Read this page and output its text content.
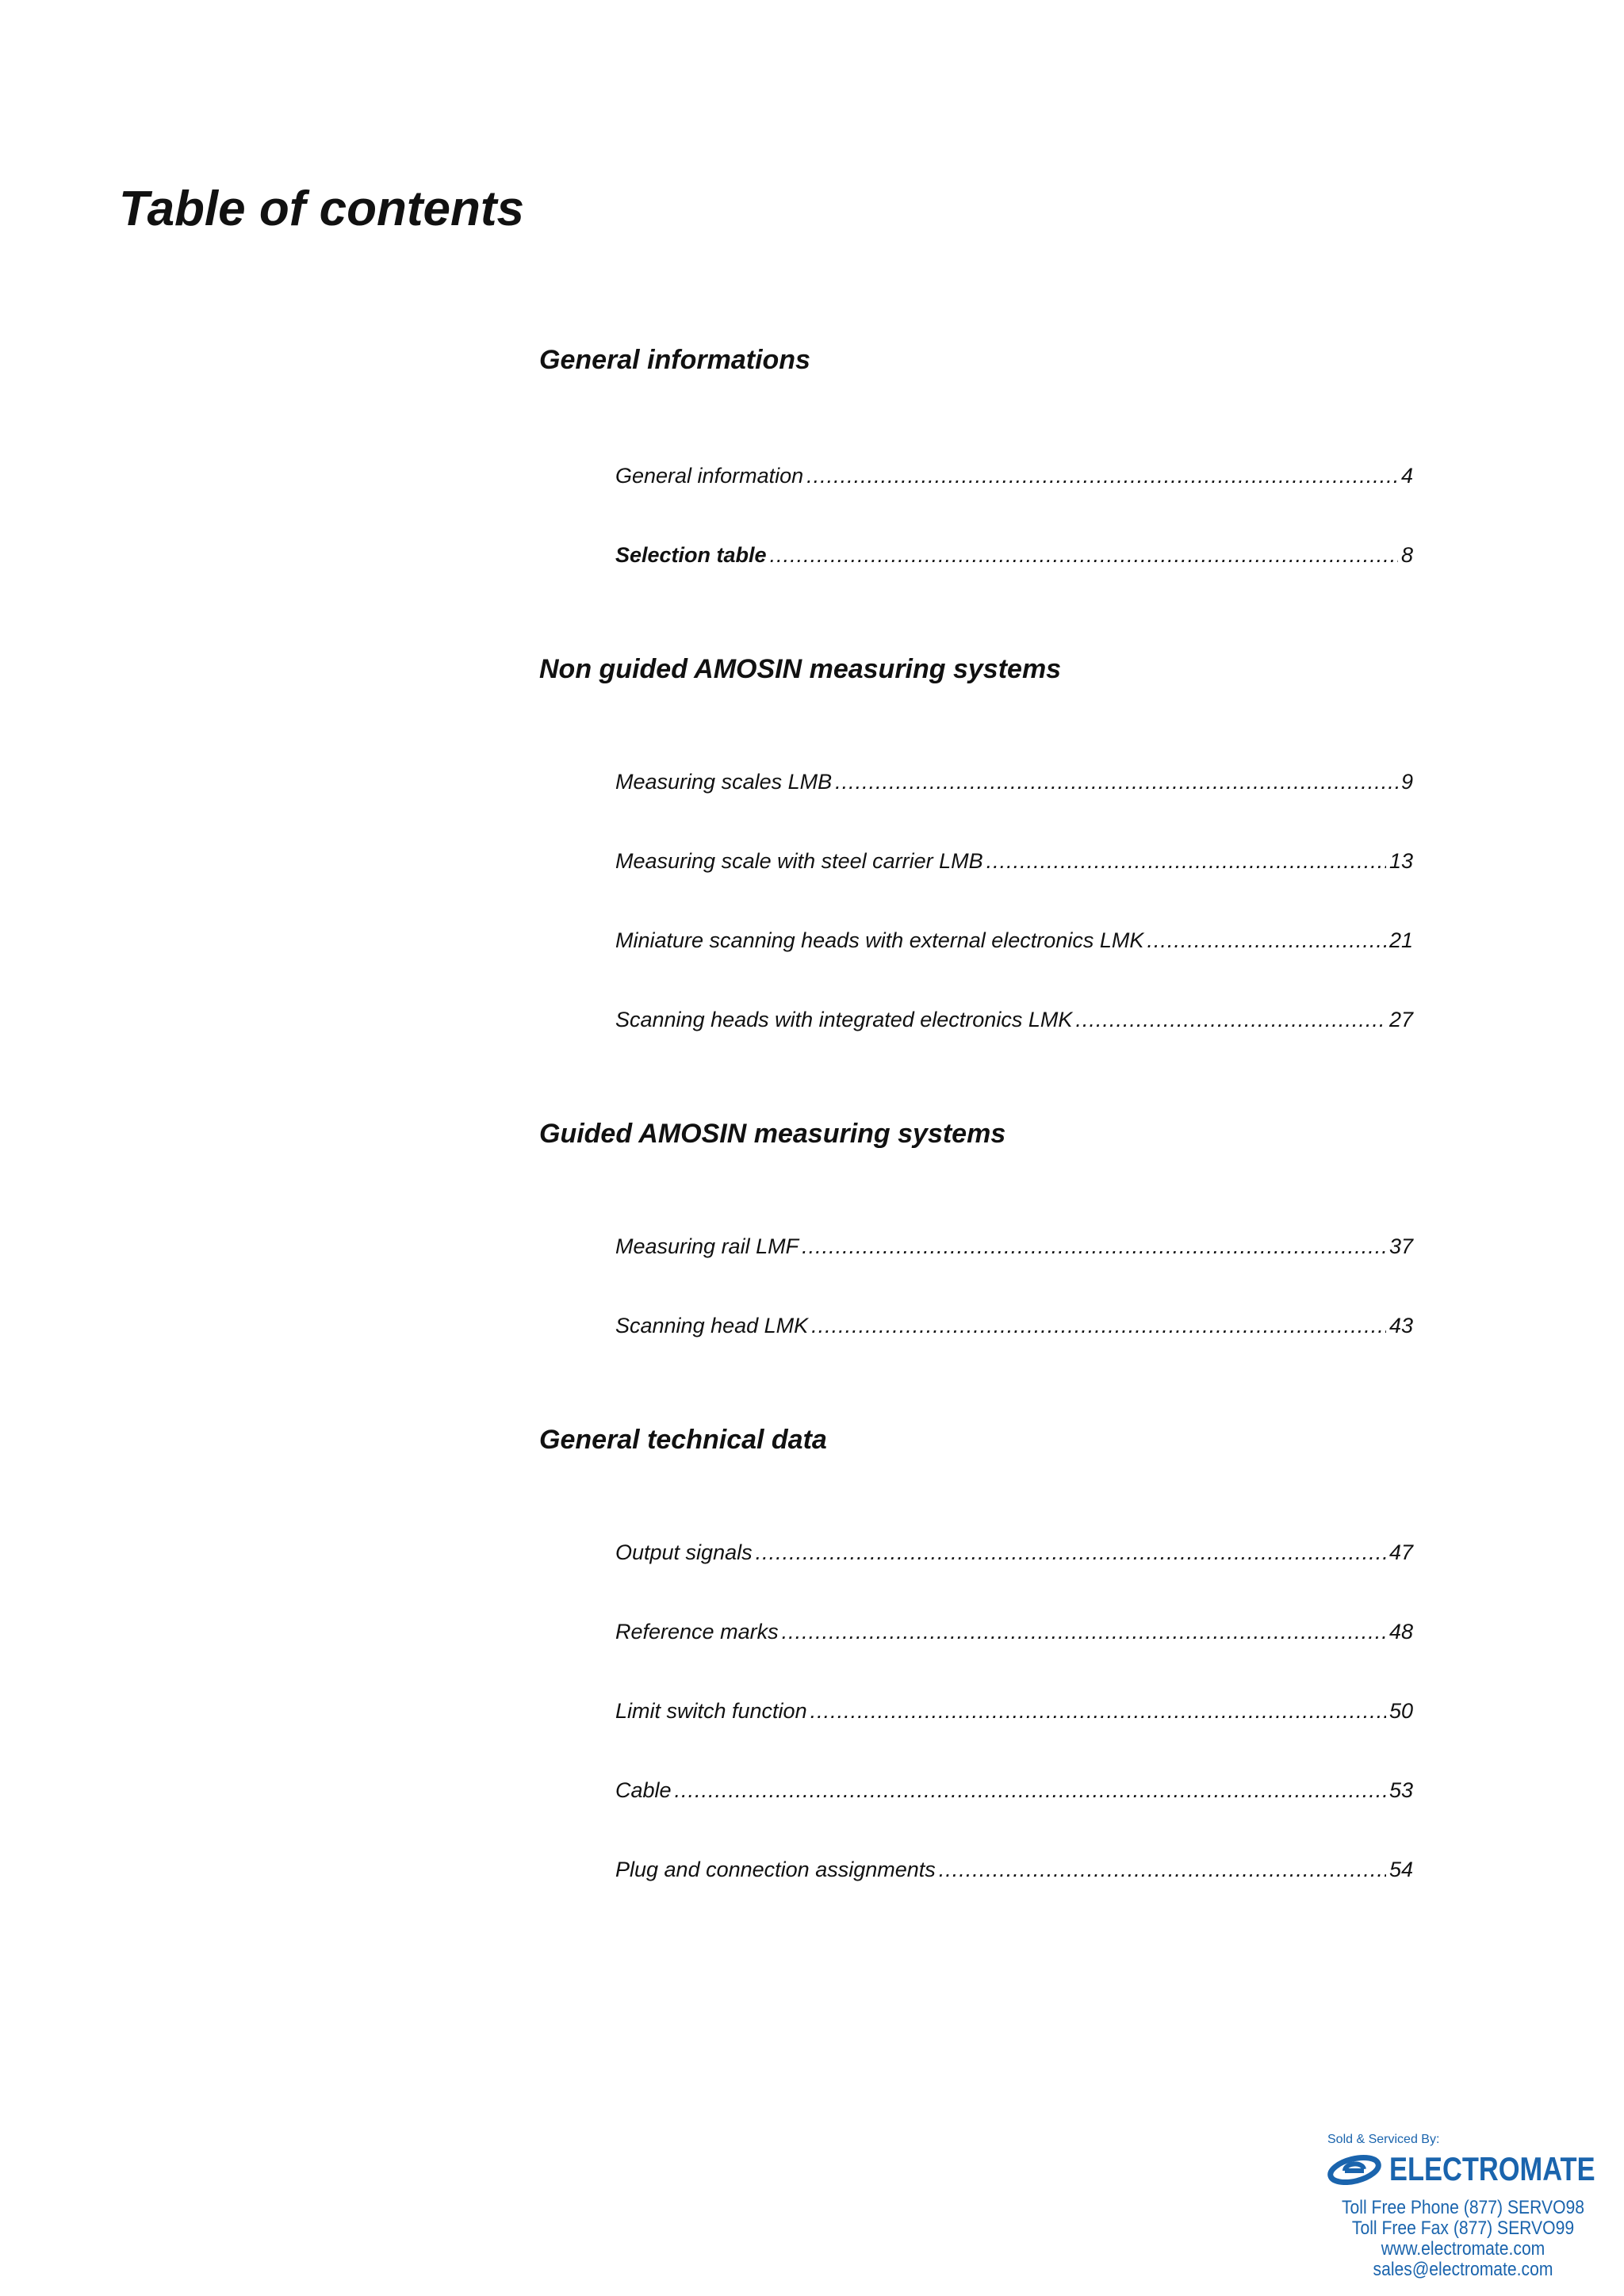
Table of contents
General informations
General information .....	4
Selection table .....	8
Non guided AMOSIN measuring systems
Measuring scales LMB .....	9
Measuring scale with steel carrier LMB .....	13
Miniature scanning heads with external electronics LMK .....	21
Scanning heads with integrated electronics LMK .....	27
Guided AMOSIN measuring systems
Measuring rail LMF .....	37
Scanning head LMK .....	43
General technical data
Output signals .....	47
Reference marks .....	48
Limit switch function .....	50
Cable .....	53
Plug and connection assignments .....	54
Sold & Serviced By:
ELECTROMATE
Toll Free Phone (877) SERVO98
Toll Free Fax (877) SERVO99
www.electromate.com
sales@electromate.com
